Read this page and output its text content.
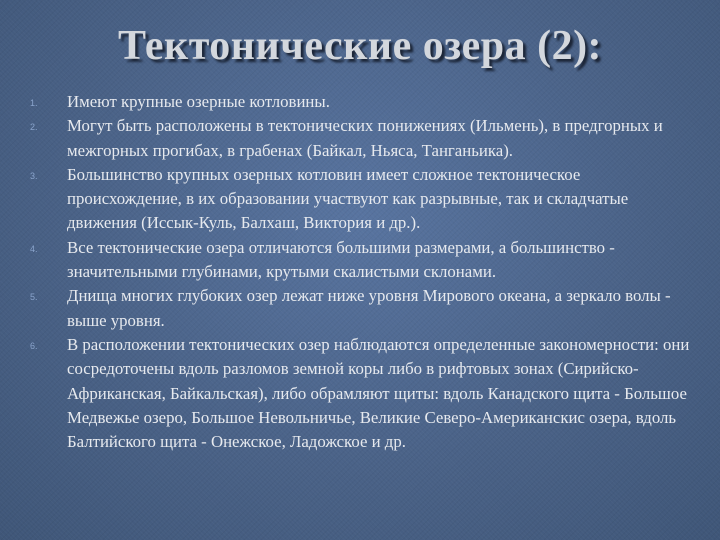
Тектонические озера (2):
1.	Имеют крупные озерные котловины.
2.	Могут быть расположены в тектонических понижениях (Ильмень), в предгорных и межгорных прогибах, в грабенах (Байкал, Ньяса, Танганьика).
3.	Большинство крупных озерных котловин имеет сложное тектоническое происхождение, в их образовании участвуют как разрывные, так и складчатые движения (Иссык-Куль, Балхаш, Виктория и др.).
4.	Все тектонические озера отличаются большими размерами, а большинство - значительными глубинами, крутыми скалистыми склонами.
5.	Днища многих глубоких озер лежат ниже уровня Мирового океана, а зеркало волы - выше уровня.
6.	В расположении тектонических озер наблюдаются определенные закономерности: они сосредоточены вдоль разломов земной коры либо в рифтовых зонах (Сирийско-Африканская, Байкальская), либо обрамляют щиты: вдоль Канадского щита - Большое Медвежье озеро, Большое Невольничье, Великие Северо-Американскис озера, вдоль Балтийского щита - Онежское, Ладожское и др.
